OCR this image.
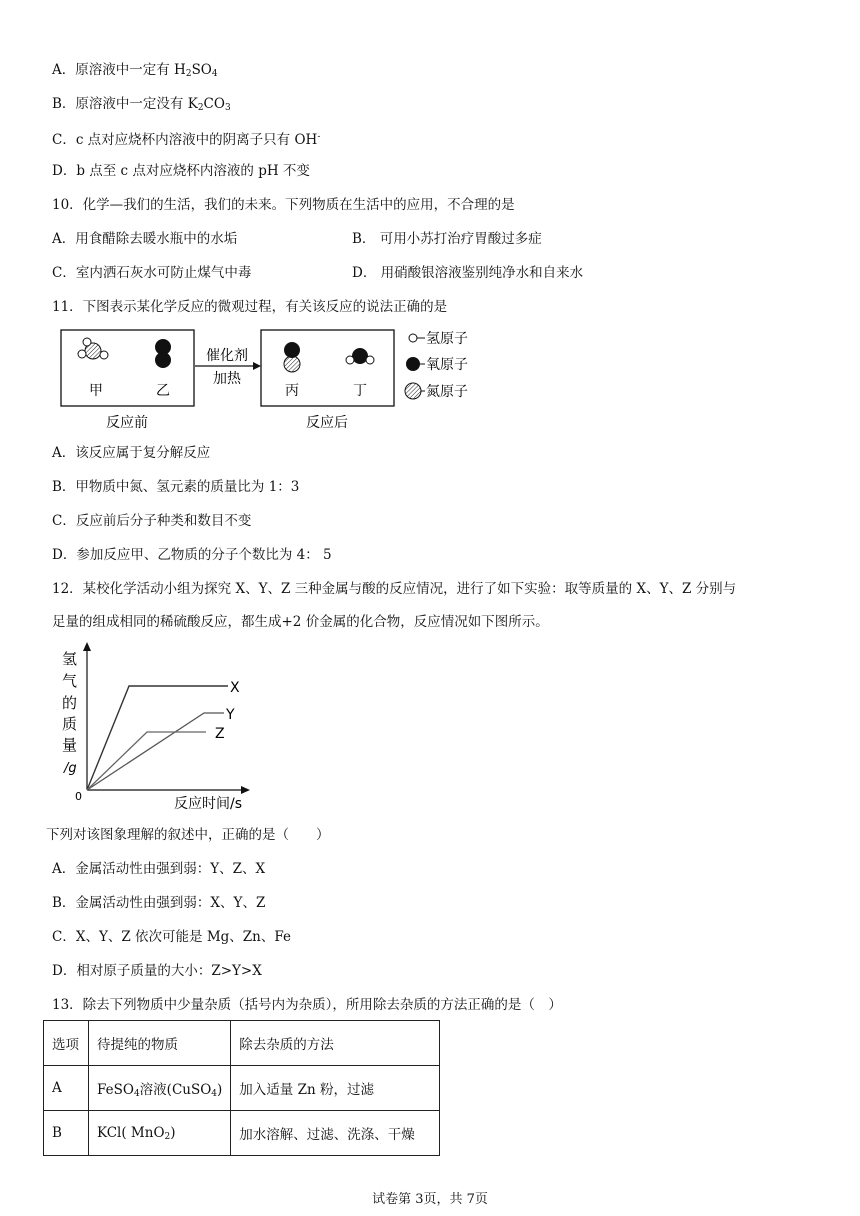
A．原溶液中一定有 $H_2SO_4$
B．原溶液中一定没有 $K_2CO_3$
C．c 点对应烧杯内溶液中的阴离子只有 OH-
D．b 点至 c 点对应烧杯内溶液的 pH 不变
10．化学—我们的生活，我们的未来。下列物质在生活中的应用，不合理的是
A．用食醋除去暖水瓶中的水垢	B． 可用小苏打治疗胃酸过多症
C．室内洒石灰水可防止煤气中毒	D． 用硝酸银溶液鉴别纯净水和自来水
11．下图表示某化学反应的微观过程，有关该反应的说法正确的是
甲	乙
反应前
催化剂
加热
丙	丁
反应后
氢原子
氧原子
氮原子
A．该反应属于复分解反应
B．甲物质中氮、氢元素的质量比为 1：3
C．反应前后分子种类和数目不变
D．参加反应甲、乙物质的分子个数比为 4： 5
12．某校化学活动小组为探究 X、Y、Z 三种金属与酸的反应情况，进行了如下实验：取等质量的 X、Y、Z 分别与
足量的组成相同的稀硫酸反应，都生成+2 价金属的化合物，反应情况如下图所示。
氢
气
的
质
量
/g
0	反应时间/s
X
Y
Z
下列对该图象理解的叙述中，正确的是（　　）
A．金属活动性由强到弱：Y、Z、X
B．金属活动性由强到弱：X、Y、Z
C．X、Y、Z 依次可能是 Mg、Zn、Fe
D．相对原子质量的大小：Z>Y>X
13．除去下列物质中少量杂质（括号内为杂质），所用除去杂质的方法正确的是（　）
选项	待提纯的物质	除去杂质的方法
A	FeSO$_4$溶液(CuSO$_4$)	加入适量 Zn 粉，过滤
B	KCl( MnO$_2$)	加水溶解、过滤、洗涤、干燥
试卷第 3页，共 7页
